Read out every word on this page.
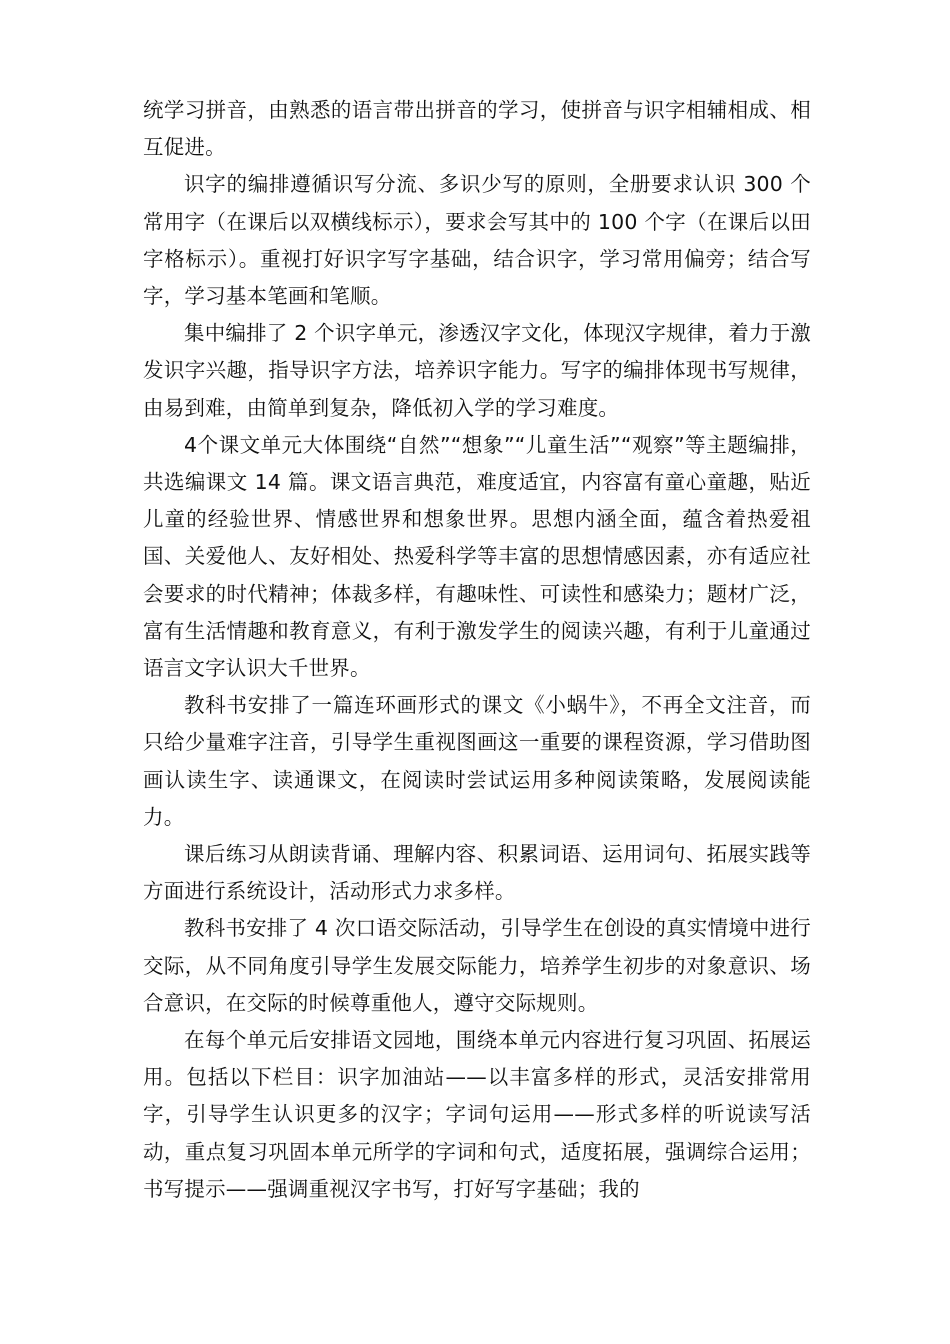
统学习拼音，由熟悉的语言带出拼音的学习，使拼音与识字相辅相成、相互促进。

识字的编排遵循识写分流、多识少写的原则，全册要求认识 300 个常用字（在课后以双横线标示），要求会写其中的 100 个字（在课后以田字格标示）。重视打好识字写字基础，结合识字，学习常用偏旁；结合写字，学习基本笔画和笔顺。

集中编排了 2 个识字单元，渗透汉字文化，体现汉字规律，着力于激发识字兴趣，指导识字方法，培养识字能力。写字的编排体现书写规律，由易到难，由简单到复杂，降低初入学的学习难度。

4个课文单元大体围绕“自然”“想象”“儿童生活”“观察”等主题编排，共选编课文 14 篇。课文语言典范，难度适宜，内容富有童心童趣，贴近儿童的经验世界、情感世界和想象世界。思想内涵全面，蕴含着热爱祖国、关爱他人、友好相处、热爱科学等丰富的思想情感因素，亦有适应社会要求的时代精神；体裁多样，有趣味性、可读性和感染力；题材广泛，富有生活情趣和教育意义，有利于激发学生的阅读兴趣，有利于儿童通过语言文字认识大千世界。

教科书安排了一篇连环画形式的课文《小蜗牛》，不再全文注音，而只给少量难字注音，引导学生重视图画这一重要的课程资源，学习借助图画认读生字、读通课文，在阅读时尝试运用多种阅读策略，发展阅读能力。

课后练习从朗读背诵、理解内容、积累词语、运用词句、拓展实践等方面进行系统设计，活动形式力求多样。

教科书安排了 4 次口语交际活动，引导学生在创设的真实情境中进行交际，从不同角度引导学生发展交际能力，培养学生初步的对象意识、场合意识，在交际的时候尊重他人，遵守交际规则。

在每个单元后安排语文园地，围绕本单元内容进行复习巩固、拓展运用。包括以下栏目：识字加油站——以丰富多样的形式，灵活安排常用字，引导学生认识更多的汉字；字词句运用——形式多样的听说读写活动，重点复习巩固本单元所学的字词和句式，适度拓展，强调综合运用；书写提示——强调重视汉字书写，打好写字基础；我的
